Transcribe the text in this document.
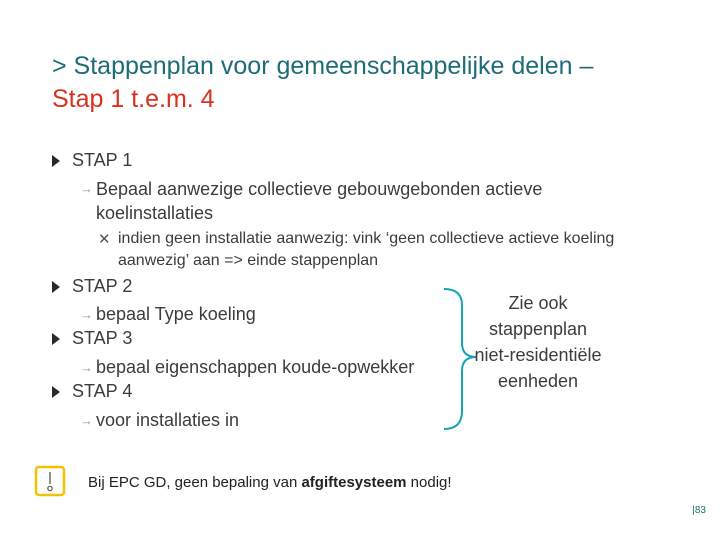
> Stappenplan voor gemeenschappelijke delen –
Stap 1 t.e.m. 4
STAP 1
→ Bepaal aanwezige collectieve gebouwgebonden actieve
koelinstallaties
✕ indien geen installatie aanwezig: vink ‘geen collectieve actieve koeling
aanwezig’ aan => einde stappenplan
STAP 2
→ bepaal Type koeling
STAP 3
→ bepaal eigenschappen koude-opwekker
STAP 4
→ voor installaties in
Zie ook
stappenplan
niet-residentiële
eenheden
Bij EPC GD, geen bepaling van afgiftesysteem nodig!
|83
